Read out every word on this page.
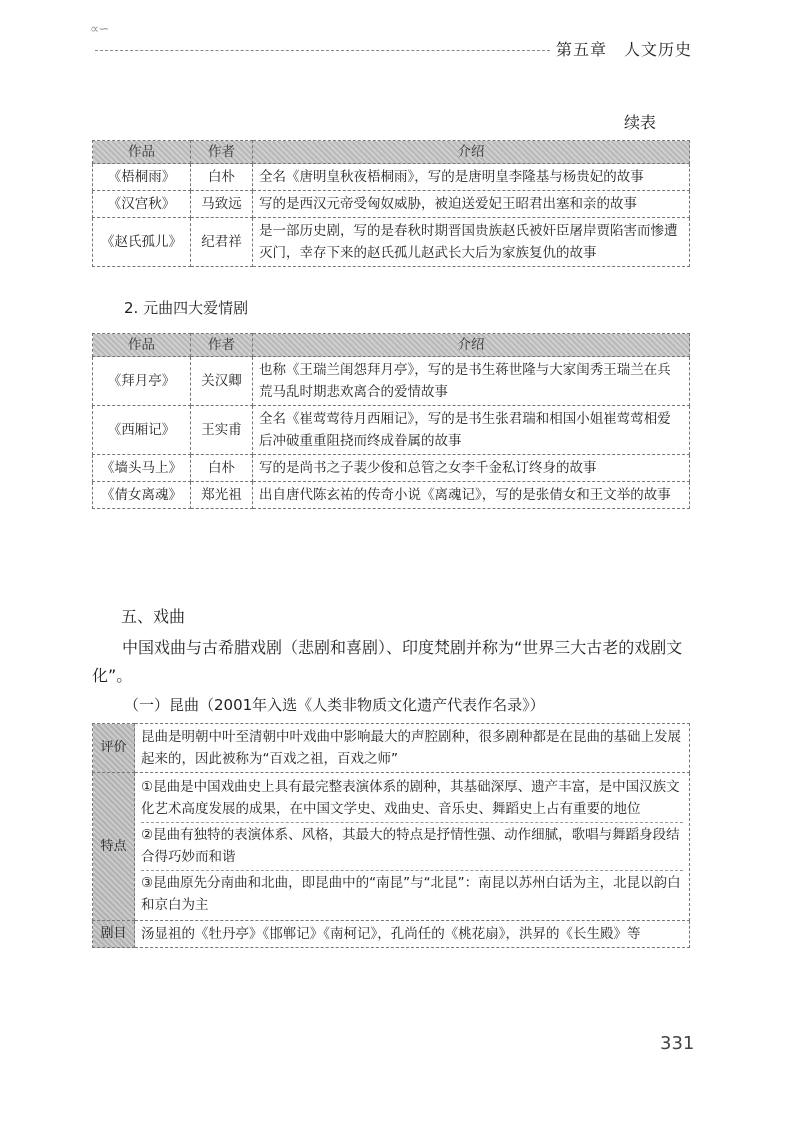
∝∽
第五章　人文历史
续表
作品	作者	介绍
《梧桐雨》	白朴	全名《唐明皇秋夜梧桐雨》，写的是唐明皇李隆基与杨贵妃的故事
《汉宫秋》	马致远	写的是西汉元帝受匈奴威胁，被迫送爱妃王昭君出塞和亲的故事
《赵氏孤儿》	纪君祥	是一部历史剧，写的是春秋时期晋国贵族赵氏被奸臣屠岸贾陷害而惨遭灭门，幸存下来的赵氏孤儿赵武长大后为家族复仇的故事
2. 元曲四大爱情剧
作品	作者	介绍
《拜月亭》	关汉卿	也称《王瑞兰闺怨拜月亭》，写的是书生蒋世隆与大家闺秀王瑞兰在兵荒马乱时期悲欢离合的爱情故事
《西厢记》	王实甫	全名《崔莺莺待月西厢记》，写的是书生张君瑞和相国小姐崔莺莺相爱后冲破重重阻挠而终成眷属的故事
《墙头马上》	白朴	写的是尚书之子裴少俊和总管之女李千金私订终身的故事
《倩女离魂》	郑光祖	出自唐代陈玄祐的传奇小说《离魂记》，写的是张倩女和王文举的故事
五、戏曲
中国戏曲与古希腊戏剧（悲剧和喜剧）、印度梵剧并称为“世界三大古老的戏剧文化”。
（一）昆曲（2001年入选《人类非物质文化遗产代表作名录》）
评价	昆曲是明朝中叶至清朝中叶戏曲中影响最大的声腔剧种，很多剧种都是在昆曲的基础上发展起来的，因此被称为“百戏之祖，百戏之师”
特点	①昆曲是中国戏曲史上具有最完整表演体系的剧种，其基础深厚、遗产丰富，是中国汉族文化艺术高度发展的成果，在中国文学史、戏曲史、音乐史、舞蹈史上占有重要的地位
②昆曲有独特的表演体系、风格，其最大的特点是抒情性强、动作细腻，歌唱与舞蹈身段结合得巧妙而和谐
③昆曲原先分南曲和北曲，即昆曲中的“南昆”与“北昆”：南昆以苏州白话为主，北昆以韵白和京白为主

剧目	汤显祖的《牡丹亭》《邯郸记》《南柯记》，孔尚任的《桃花扇》，洪昇的《长生殿》等
331
